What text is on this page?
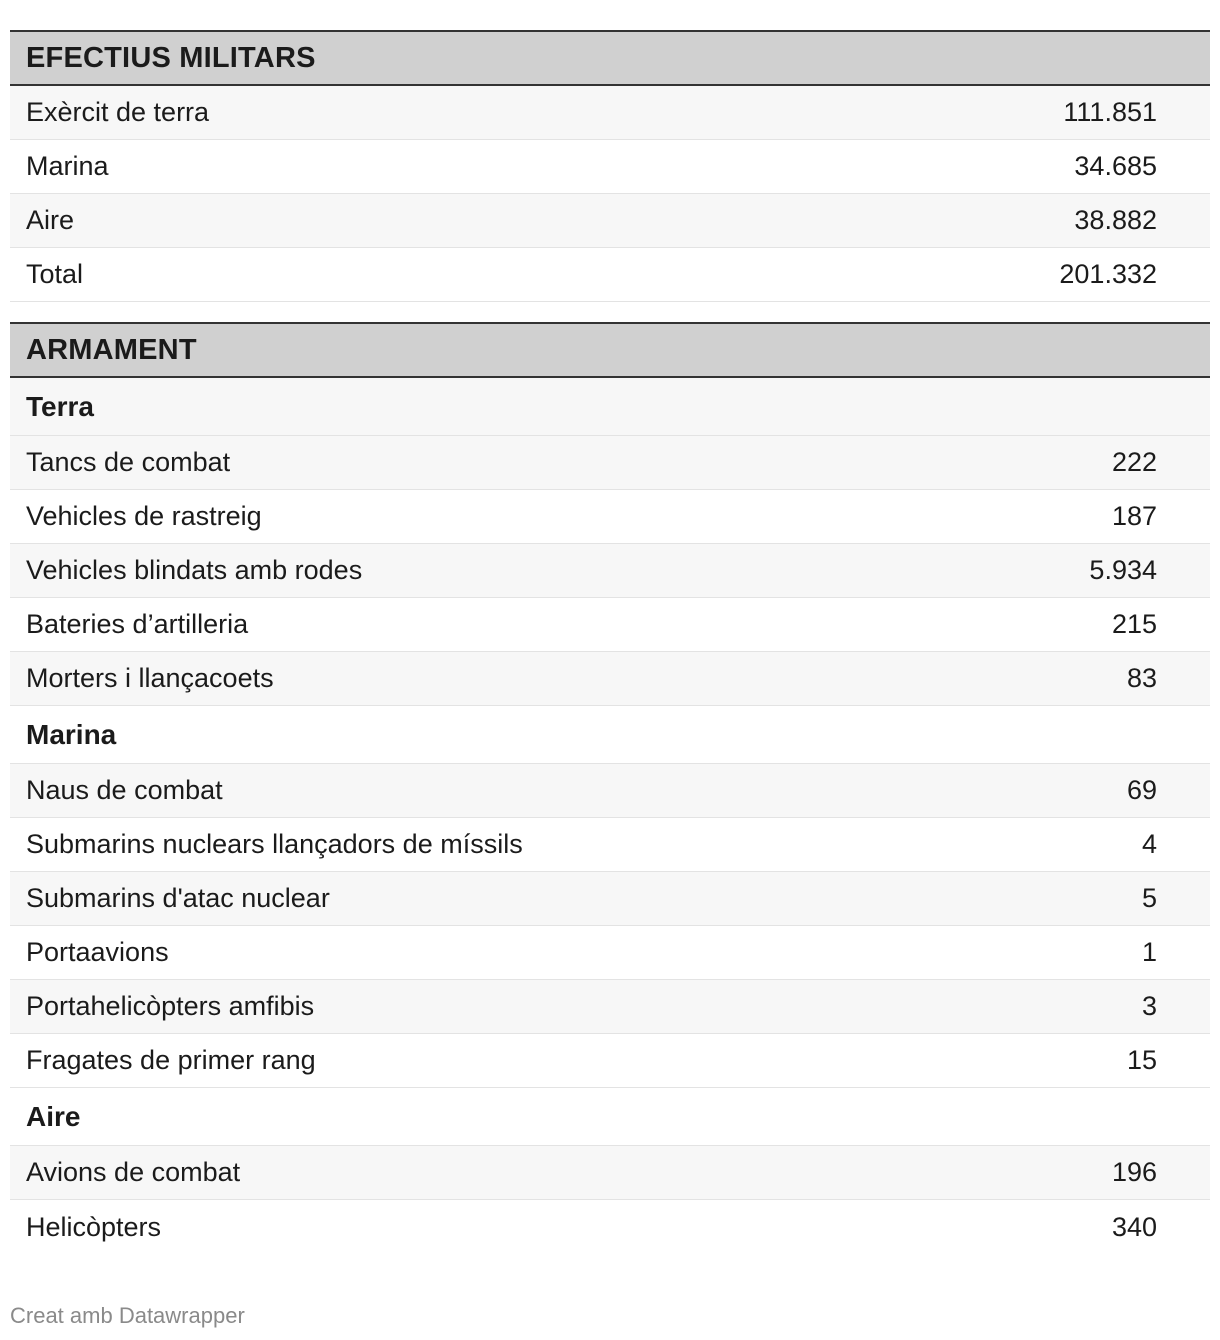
EFECTIUS MILITARS
Exèrcit de terra	111.851
Marina	34.685
Aire	38.882
Total	201.332
ARMAMENT
Terra
Tancs de combat	222
Vehicles de rastreig	187
Vehicles blindats amb rodes	5.934
Bateries d’artilleria	215
Morters i llançacoets	83
Marina
Naus de combat	69
Submarins nuclears llançadors de míssils	4
Submarins d'atac nuclear	5
Portaavions	1
Portahelicòpters amfibis	3
Fragates de primer rang	15
Aire
Avions de combat	196
Helicòpters	340
Creat amb Datawrapper
